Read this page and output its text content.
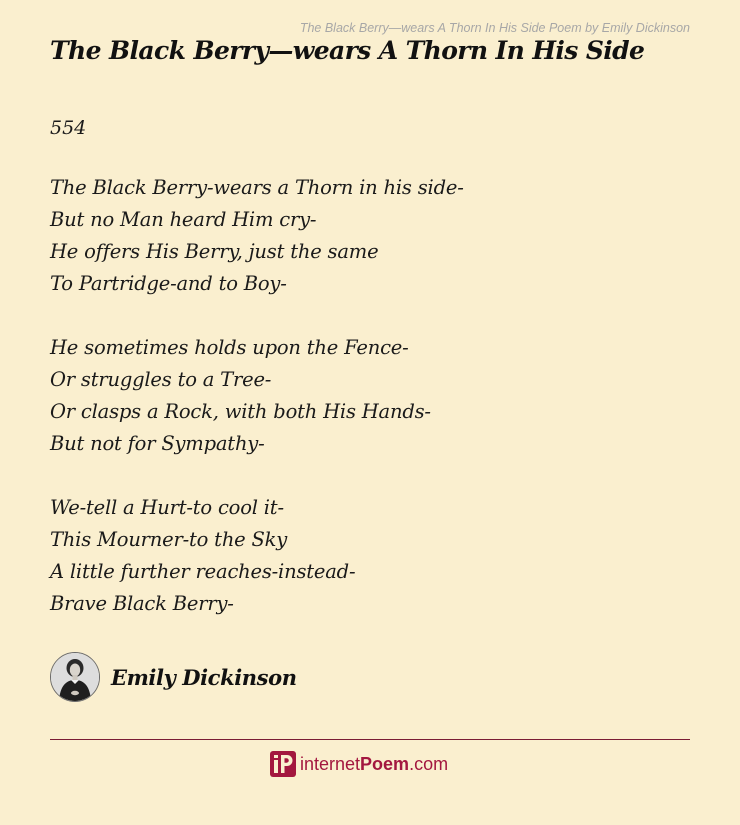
The Black Berry—wears A Thorn In His Side Poem by Emily Dickinson
The Black Berry—wears A Thorn In His Side
554
The Black Berry-wears a Thorn in his side-
But no Man heard Him cry-
He offers His Berry, just the same
To Partridge-and to Boy-
He sometimes holds upon the Fence-
Or struggles to a Tree-
Or clasps a Rock, with both His Hands-
But not for Sympathy-
We-tell a Hurt-to cool it-
This Mourner-to the Sky
A little further reaches-instead-
Brave Black Berry-
Emily Dickinson
internetPoem.com
